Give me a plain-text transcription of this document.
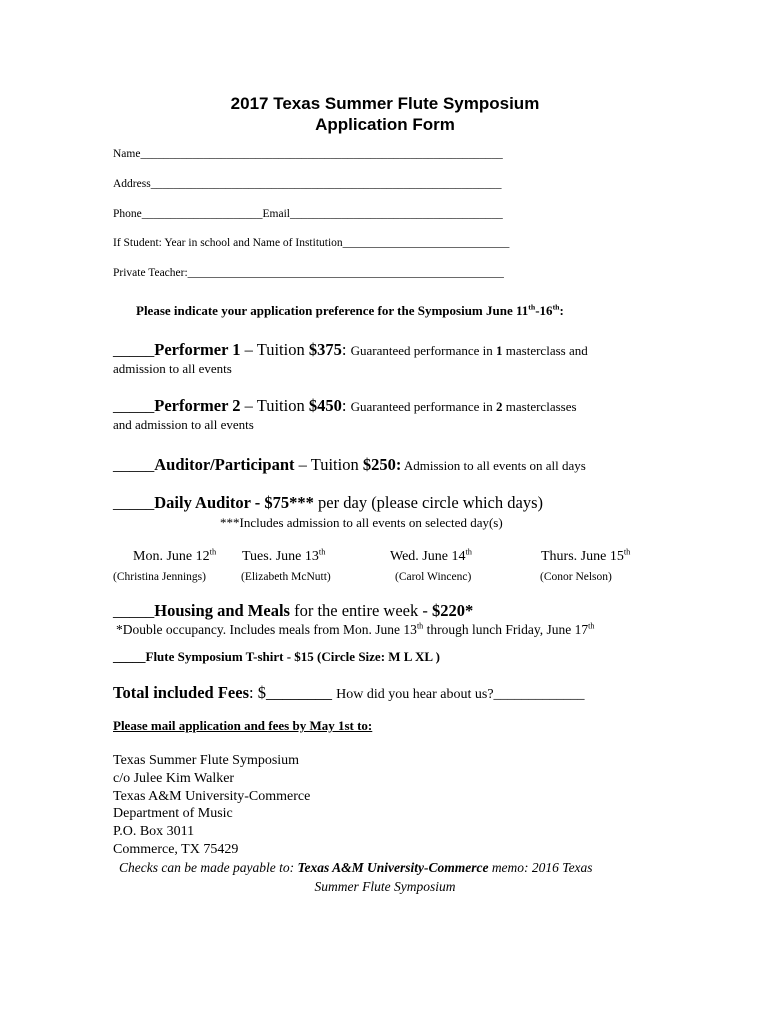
2017 Texas Summer Flute Symposium
Application Form
Name_______________________________________________________________
Address_____________________________________________________________
Phone_____________________Email_____________________________________
If Student: Year in school and Name of Institution_____________________________
Private Teacher:_______________________________________________________
Please indicate your application preference for the Symposium June 11th-16th:
_____Performer 1 – Tuition $375: Guaranteed performance in 1 masterclass and
admission to all events
_____Performer 2 – Tuition $450: Guaranteed performance in 2 masterclasses
and admission to all events
_____Auditor/Participant – Tuition $250: Admission to all events on all days
_____Daily Auditor - $75*** per day (please circle which days)
***Includes admission to all events on selected day(s)
Mon. June 12th Tues. June 13th	Wed. June 14th	Thurs. June 15th
(Christina Jennings)	(Elizabeth McNutt)	(Carol Wincenc)	(Conor Nelson)
_____Housing and Meals for the entire week - $220*
*Double occupancy. Includes meals from Mon. June 13th through lunch Friday, June 17th
_____Flute Symposium T-shirt - $15 (Circle Size: M L XL )
Total included Fees: $________ How did you hear about us?_____________
Please mail application and fees by May 1st to:
Texas Summer Flute Symposium
c/o Julee Kim Walker
Texas A&M University-Commerce
Department of Music
P.O. Box 3011
Commerce, TX 75429
Checks can be made payable to: Texas A&M University-Commerce memo: 2016 Texas
Summer Flute Symposium
